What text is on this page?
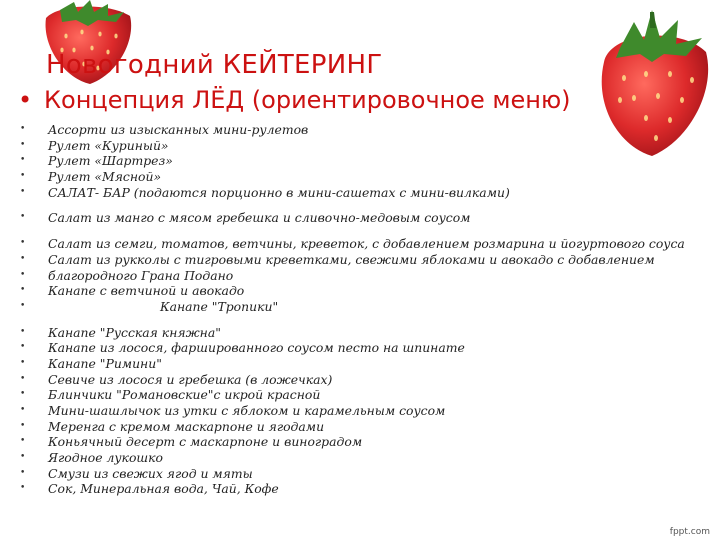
Новогодний КЕЙТЕРИНГ
• Концепция ЛЁД (ориентировочное меню)
• Ассорти из изысканных мини-рулетов
• Рулет «Куриный»
• Рулет «Шартрез»
• Рулет «Мясной»
• САЛАТ- БАР (подаются порционно в мини-сашетах с мини-вилками)
• Салат из манго с мясом гребешка и сливочно-медовым соусом
• Салат из семги, томатов, ветчины, креветок, с добавлением розмарина и йогуртового соуса
• Салат из рукколы с тигровыми креветками, свежими яблоками и авокадо с добавлением
• благородного Грана Подано
• Канапе с ветчиной и авокадо
•	Канапе "Тропики"
• Канапе "Русская княжна"
• Канапе из лосося, фаршированного соусом песто на шпинате
• Канапе "Римини"
• Севиче из лосося и гребешка (в ложечках)
• Блинчики "Романовские"с икрой красной
• Мини-шашлычок из утки с яблоком и карамельным соусом
• Меренга с кремом маскарпоне и ягодами
• Коньячный десерт с маскарпоне и виноградом
• Ягодное лукошко
• Смузи из свежих ягод и мяты
• Сок, Минеральная вода, Чай, Кофе
fppt.com
